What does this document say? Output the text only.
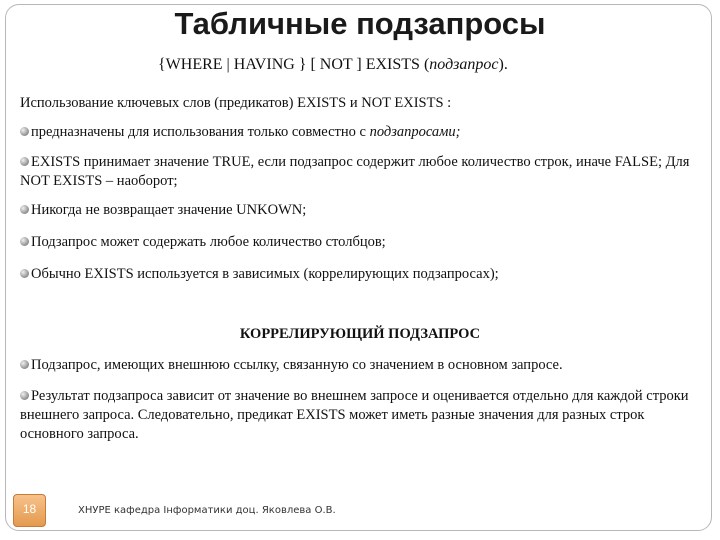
Табличные подзапросы
{WHERE | HAVING } [ NOT ] EXISTS (подзапрос).
Использование ключевых слов (предикатов) EXISTS и NOT EXISTS :
предназначены для использования только совместно с подзапросами;
EXISTS принимает значение TRUE, если подзапрос содержит любое количество строк, иначе FALSE; Для NOT EXISTS – наоборот;
Никогда не возвращает значение UNKOWN;
Подзапрос может содержать любое количество столбцов;
Обычно EXISTS используется в зависимых (коррелирующих подзапросах);
КОРРЕЛИРУЮЩИЙ ПОДЗАПРОС
Подзапрос, имеющих внешнюю ссылку, связанную со значением в основном запросе.
Результат подзапроса зависит от значение во внешнем запросе и оценивается отдельно для каждой строки внешнего запроса. Следовательно, предикат EXISTS может иметь разные значения для разных строк основного запроса.
18	ХНУРЕ кафедра Інформатики доц. Яковлева О.В.
